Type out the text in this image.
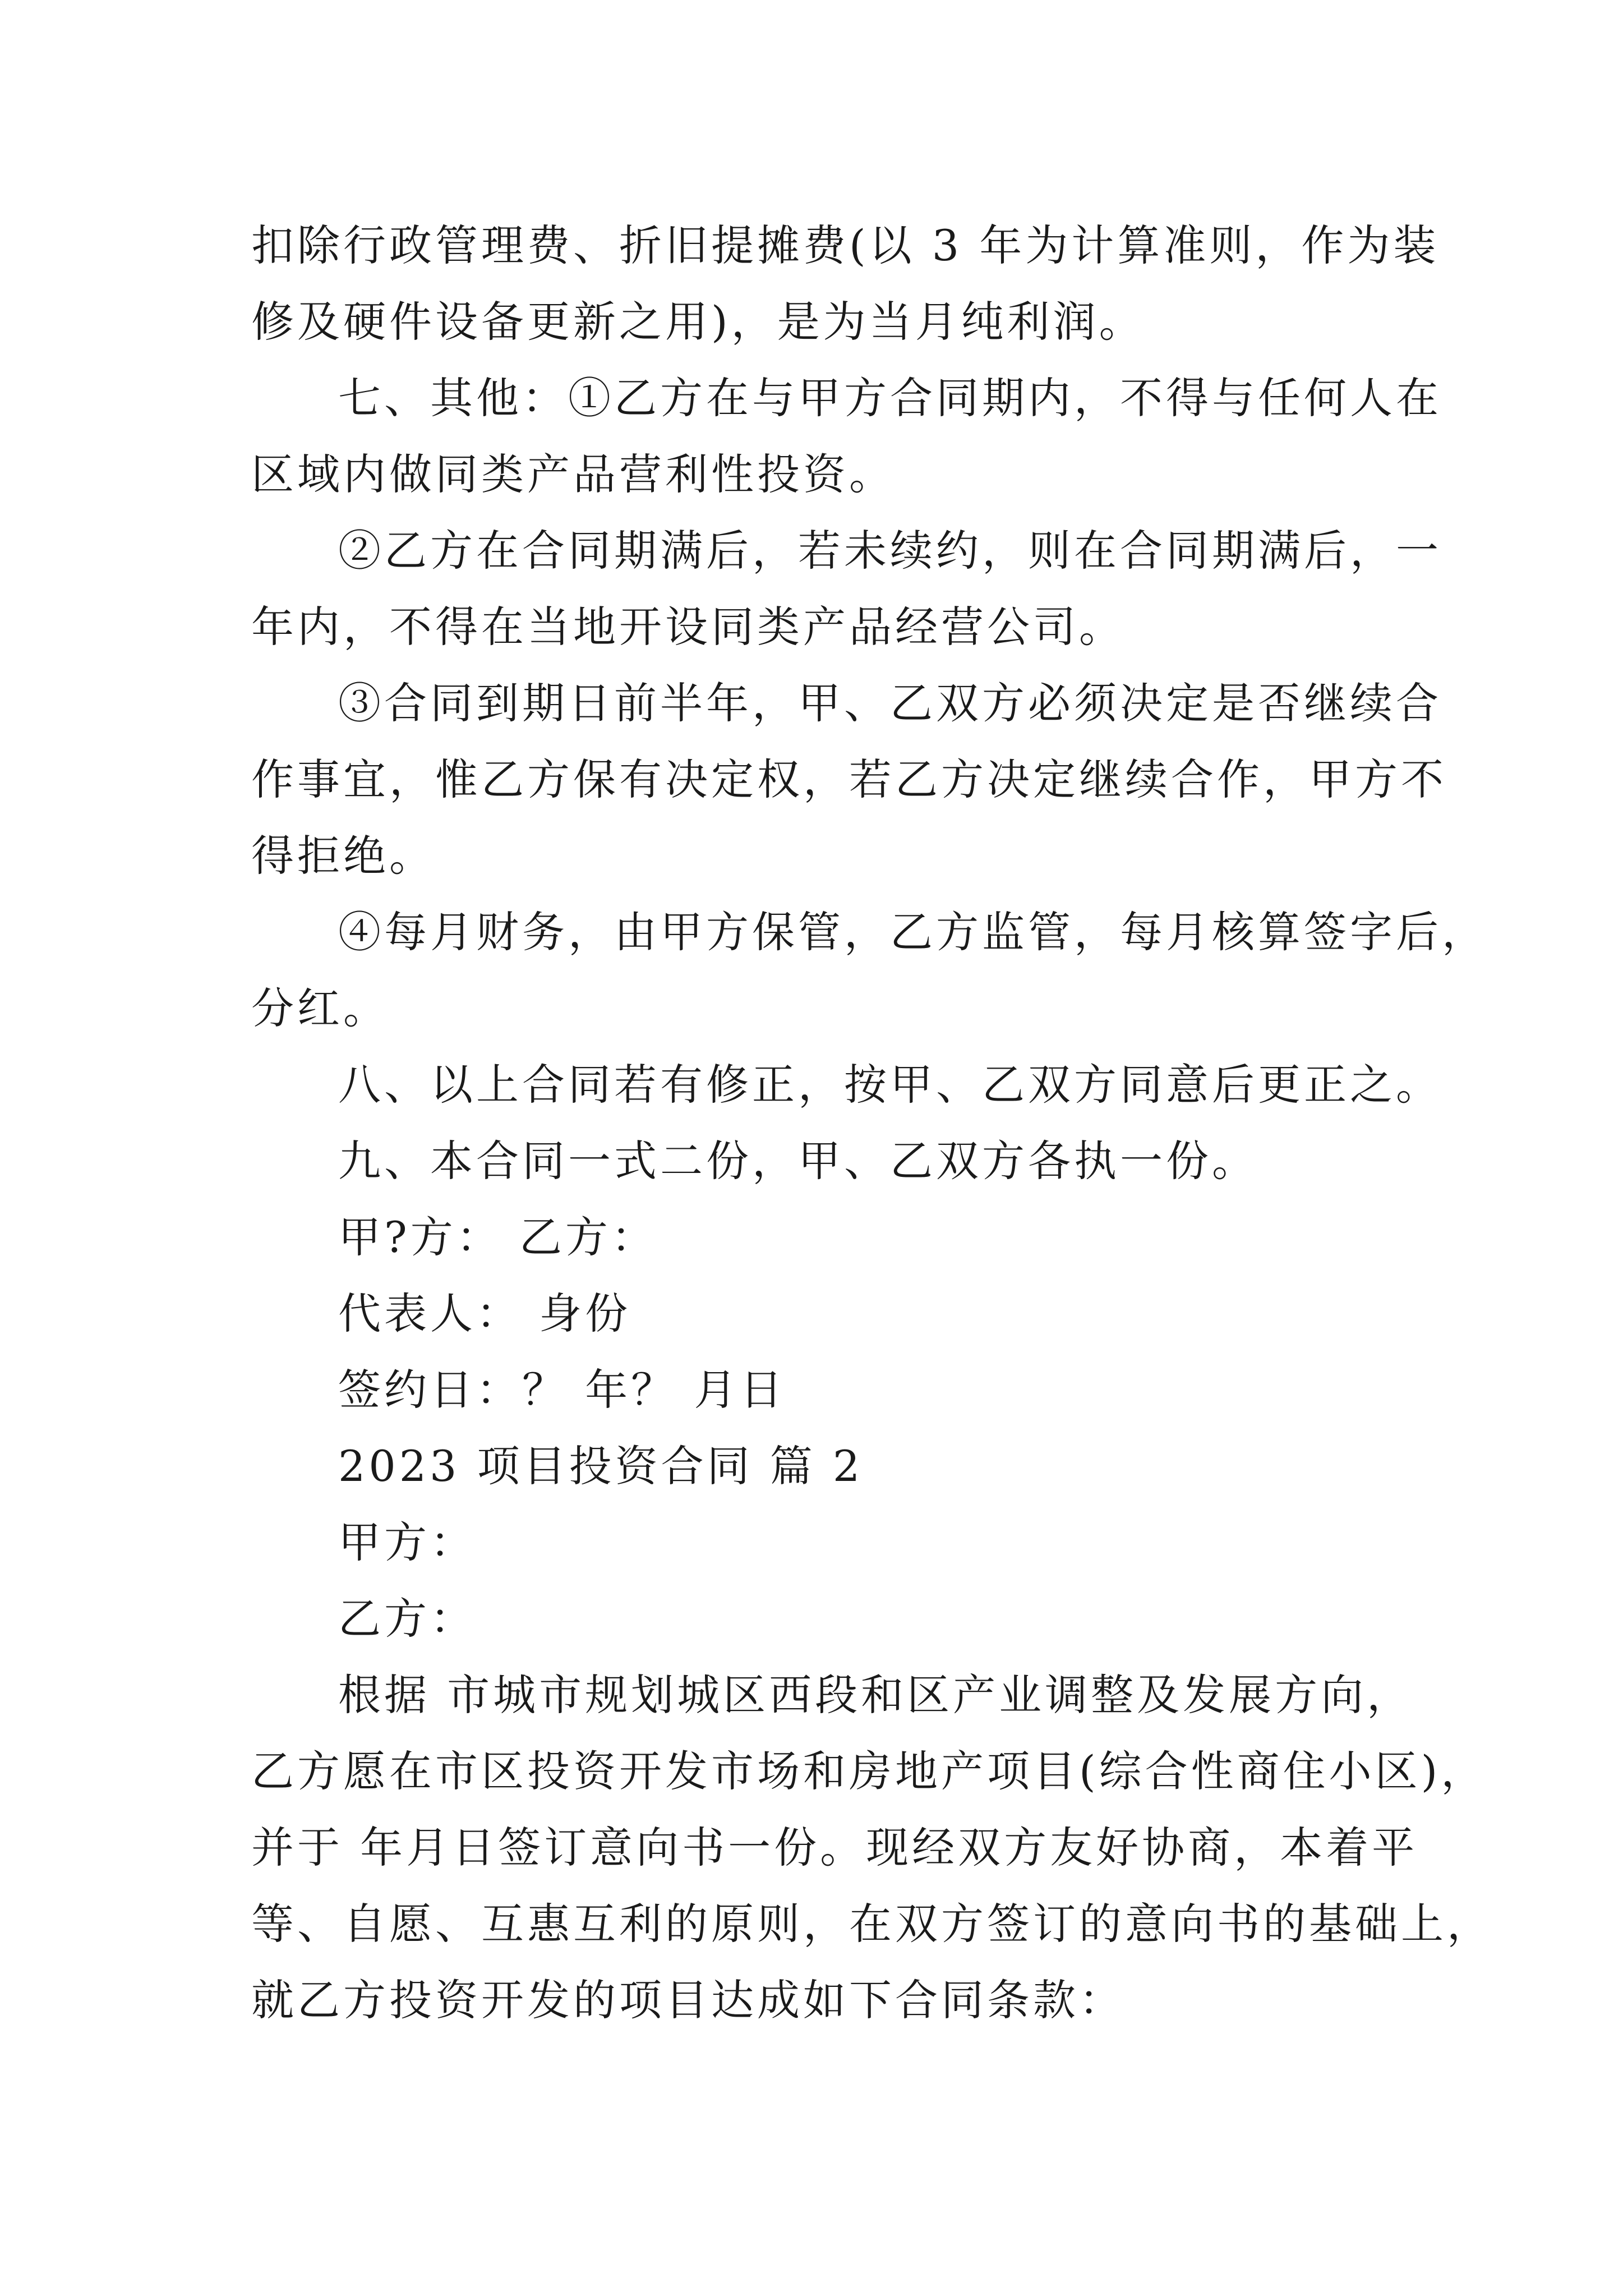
扣除行政管理费、折旧提摊费(以 3 年为计算准则，作为装
修及硬件设备更新之用)，是为当月纯利润。
七、其他：①乙方在与甲方合同期内，不得与任何人在
区域内做同类产品营利性投资。
②乙方在合同期满后，若未续约，则在合同期满后，一
年内，不得在当地开设同类产品经营公司。
③合同到期日前半年，甲、乙双方必须决定是否继续合
作事宜，惟乙方保有决定权，若乙方决定继续合作，甲方不
得拒绝。
④每月财务，由甲方保管，乙方监管，每月核算签字后，
分红。
八、以上合同若有修正，按甲、乙双方同意后更正之。
九、本合同一式二份，甲、乙双方各执一份。
甲?方： 乙方：
代表人： 身份
签约日：？ 年？ 月日
2023 项目投资合同 篇 2
甲方：
乙方：
根据 市城市规划城区西段和区产业调整及发展方向，
乙方愿在市区投资开发市场和房地产项目(综合性商住小区)，
并于 年月日签订意向书一份。现经双方友好协商，本着平
等、自愿、互惠互利的原则，在双方签订的意向书的基础上，
就乙方投资开发的项目达成如下合同条款：
